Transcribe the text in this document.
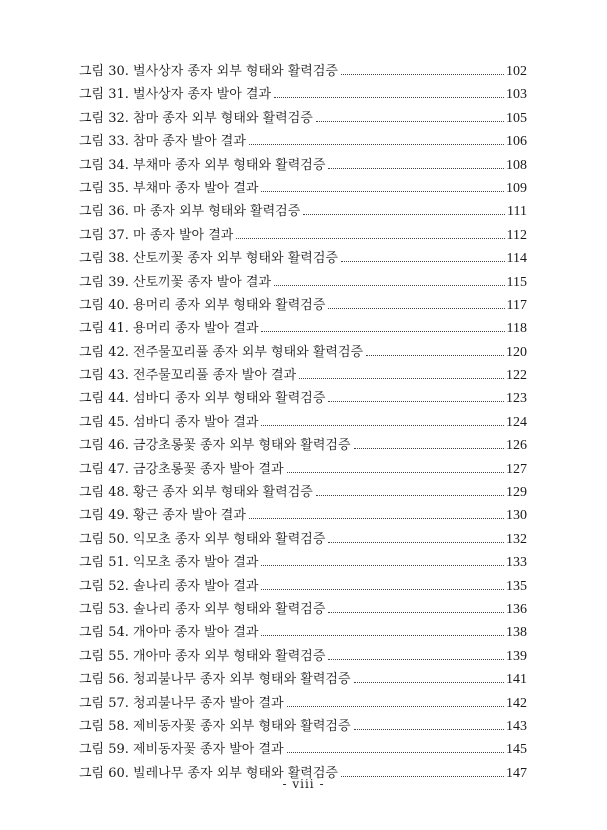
그림 30. 벌사상자 종자 외부 형태와 활력검증	102
그림 31. 벌사상자 종자 발아 결과	103
그림 32. 참마 종자 외부 형태와 활력검증	105
그림 33. 참마 종자 발아 결과	106
그림 34. 부채마 종자 외부 형태와 활력검증	108
그림 35. 부채마 종자 발아 결과	109
그림 36. 마 종자 외부 형태와 활력검증	111
그림 37. 마 종자 발아 결과	112
그림 38. 산토끼꽃 종자 외부 형태와 활력검증	114
그림 39. 산토끼꽃 종자 발아 결과	115
그림 40. 용머리 종자 외부 형태와 활력검증	117
그림 41. 용머리 종자 발아 결과	118
그림 42. 전주물꼬리풀 종자 외부 형태와 활력검증	120
그림 43. 전주물꼬리풀 종자 발아 결과	122
그림 44. 섬바디 종자 외부 형태와 활력검증	123
그림 45. 섬바디 종자 발아 결과	124
그림 46. 금강초롱꽃 종자 외부 형태와 활력검증	126
그림 47. 금강초롱꽃 종자 발아 결과	127
그림 48. 황근 종자 외부 형태와 활력검증	129
그림 49. 황근 종자 발아 결과	130
그림 50. 익모초 종자 외부 형태와 활력검증	132
그림 51. 익모초 종자 발아 결과	133
그림 52. 솔나리 종자 발아 결과	135
그림 53. 솔나리 종자 외부 형태와 활력검증	136
그림 54. 개아마 종자 발아 결과	138
그림 55. 개아마 종자 외부 형태와 활력검증	139
그림 56. 청괴불나무 종자 외부 형태와 활력검증	141
그림 57. 청괴불나무 종자 발아 결과	142
그림 58. 제비동자꽃 종자 외부 형태와 활력검증	143
그림 59. 제비동자꽃 종자 발아 결과	145
그림 60. 빌레나무 종자 외부 형태와 활력검증	147
- viii -
